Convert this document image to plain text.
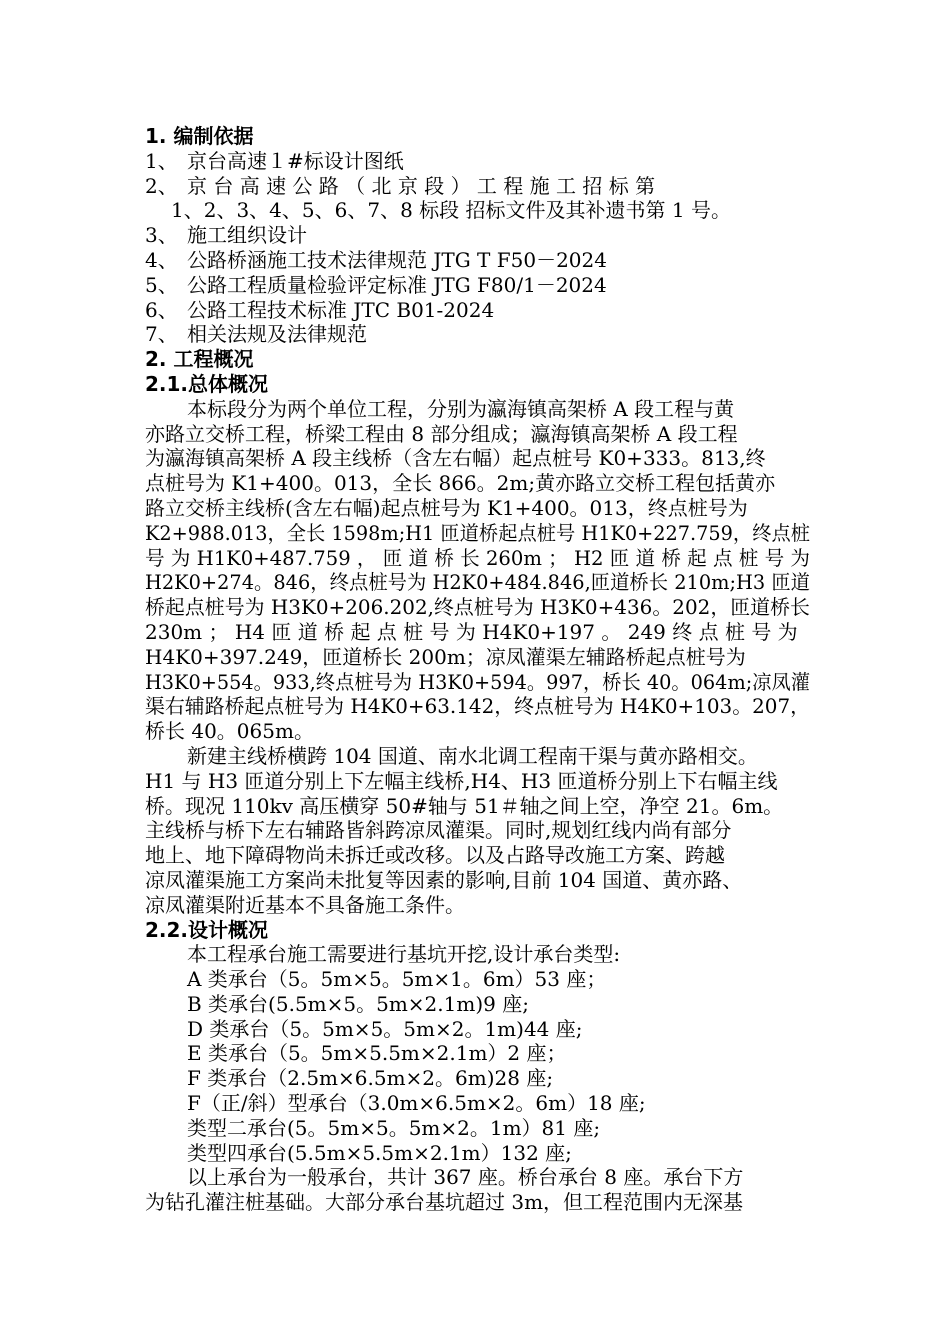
1. 编制依据
1、 京台高速１#标设计图纸
2、 京 台 高 速 公 路 （ 北 京 段 ） 工 程 施 工 招 标 第
1、2、3、4、5、6、7、8 标段 招标文件及其补遗书第 1 号。
3、 施工组织设计
4、 公路桥涵施工技术法律规范 JTG T F50－2024
5、 公路工程质量检验评定标准 JTG F80/1－2024
6、 公路工程技术标准 JTC B01-2024
7、 相关法规及法律规范
2. 工程概况
2.1.总体概况
本标段分为两个单位工程，分别为瀛海镇高架桥 A 段工程与黄
亦路立交桥工程，桥梁工程由 8 部分组成；瀛海镇高架桥 A 段工程
为瀛海镇高架桥 A 段主线桥（含左右幅）起点桩号 K0+333。813,终
点桩号为 K1+400。013，全长 866。2m;黄亦路立交桥工程包括黄亦
路立交桥主线桥(含左右幅)起点桩号为 K1+400。013，终点桩号为
K2+988.013，全长 1598m;H1 匝道桥起点桩号 H1K0+227.759，终点桩
号 为 H1K0+487.759 ， 匝 道 桥 长 260m ； H2 匝 道 桥 起 点 桩 号 为
H2K0+274。846，终点桩号为 H2K0+484.846,匝道桥长 210m;H3 匝道
桥起点桩号为 H3K0+206.202,终点桩号为 H3K0+436。202，匝道桥长
230m ； H4 匝 道 桥 起 点 桩 号 为 H4K0+197 。 249 终 点 桩 号 为
H4K0+397.249，匝道桥长 200m；凉凤灌渠左辅路桥起点桩号为
H3K0+554。933,终点桩号为 H3K0+594。997，桥长 40。064m;凉凤灌
渠右辅路桥起点桩号为 H4K0+63.142，终点桩号为 H4K0+103。207，
桥长 40。065m。
新建主线桥横跨 104 国道、南水北调工程南干渠与黄亦路相交。
H1 与 H3 匝道分别上下左幅主线桥,H4、H3 匝道桥分别上下右幅主线
桥。现况 110kv 高压横穿 50#轴与 51＃轴之间上空，净空 21。6m。
主线桥与桥下左右辅路皆斜跨凉凤灌渠。同时,规划红线内尚有部分
地上、地下障碍物尚未拆迁或改移。以及占路导改施工方案、跨越
凉凤灌渠施工方案尚未批复等因素的影响,目前 104 国道、黄亦路、
凉凤灌渠附近基本不具备施工条件。
2.2.设计概况
本工程承台施工需要进行基坑开挖,设计承台类型:
A 类承台（5。5m×5。5m×1。6m）53 座；
B 类承台(5.5m×5。5m×2.1m)9 座;
D 类承台（5。5m×5。5m×2。1m)44 座;
E 类承台（5。5m×5.5m×2.1m）2 座；
F 类承台（2.5m×6.5m×2。6m)28 座;
F（正/斜）型承台（3.0m×6.5m×2。6m）18 座;
类型二承台(5。5m×5。5m×2。1m）81 座;
类型四承台(5.5m×5.5m×2.1m）132 座;
以上承台为一般承台，共计 367 座。桥台承台 8 座。承台下方
为钻孔灌注桩基础。大部分承台基坑超过 3m，但工程范围内无深基
